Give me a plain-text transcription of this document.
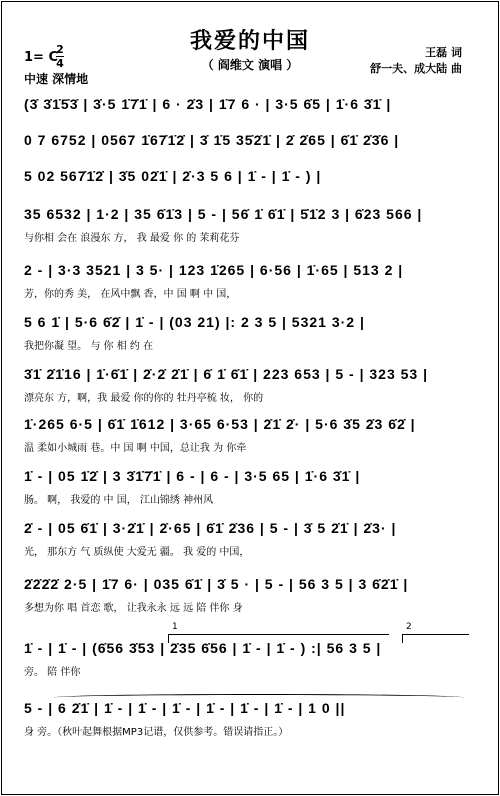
我爱的中国
（ 阎维文 演唱 ）
1= C
2
4
中速 深情地
王磊 词
舒一夫、成大陆 曲
(3̇ 3̇1̇5̇3̇ | 3̇·5 1̇7̇1̇ | 6 · 2̇3 | 1̇7 6 · | 3·5 6̇5 | 1̇·6 3̇1̇ |
0 7 6752 | 0567 1̇67̇1̇2̇ | 3̇ 1̇5 35̇2̇1̇ | 2̇ 2̇65 | 6̇1̇ 2̇3̇6 |
5 02 567̇1̇2̇ | 3̇5 02̇1̇ | 2̇·3 5 6 | 1̇ - | 1̇ - ) |
35 6532 | 1·2 | 35 6̇1̇3 | 5 - | 56̇ 1̇ 6̇1̇ | 5̇1̇2 3 | 6̇23 566 |
与你相 会在 浪漫东 方， 我 最爱 你 的 茉莉花芬
2 - | 3·3 3521 | 3 5· | 123 1̇265 | 6·56 | 1̇·65 | 513 2 |
芳，你的秀 美， 在风中飘 香，中 国 啊 中 国，
5 6 1̇ | 5·6 6̇2̇ | 1̇ - | (03 21) |: 2 3 5 | 5321 3·2 |
我把你凝 望。 与 你 相 约 在
3̇1̇ 2̇1̇16 | 1̇·6̇1̇ | 2̇·2̇ 2̇1̇ | 6̇ 1̇ 6̇1̇ | 223 653 | 5 - | 323 53 |
漂亮东 方，啊，我 最爱 你的你的 牡丹亭梳 妆， 你的
1̇·265 6·5 | 6̇1̇ 1̇612 | 3·65 6·53 | 2̇1̇ 2̇· | 5·6 3̇5 2̇3 6̇2̇ |
温 柔如小城雨 巷。中 国 啊 中国，总让我 为 你牵
1̇ - | 05 1̇2̇ | 3 3̇1̇7̇1̇ | 6 - | 6 - | 3·5 65 | 1̇·6 3̇1̇ |
肠。 啊， 我爱的 中 国， 江山锦绣 神州风
2̇ - | 05 6̇1̇ | 3·2̇1̇ | 2̇·65 | 6̇1̇ 2̇36 | 5 - | 3̇ 5 2̇1̇ | 2̇3· |
光， 那东方 气 质纵使 大爱无 疆。 我 爱的 中国，
2̇2̇2̇2̇ 2·5 | 1̇7 6· | 035 6̇1̇ | 3̇ 5 · | 5 - | 56 3 5 | 3 6̇2̇1̇ |
多想为你 唱 首恋 歌， 让我永永 远 远 陪 伴你 身
1	2
1̇ - | 1̇ - | (6̇56 3̇53 | 2̇35 6̇56 | 1̇ - | 1̇ - ) :| 56 3 5 |
旁。 陪 伴你
5 - | 6 2̇1̇ | 1̇ - | 1̇ - | 1̇ - | 1̇ - | 1̇ - | 1̇ - | 1 0 ||
身 旁。（秋叶起舞根据MP3记谱，仅供参考。错误请指正。）
